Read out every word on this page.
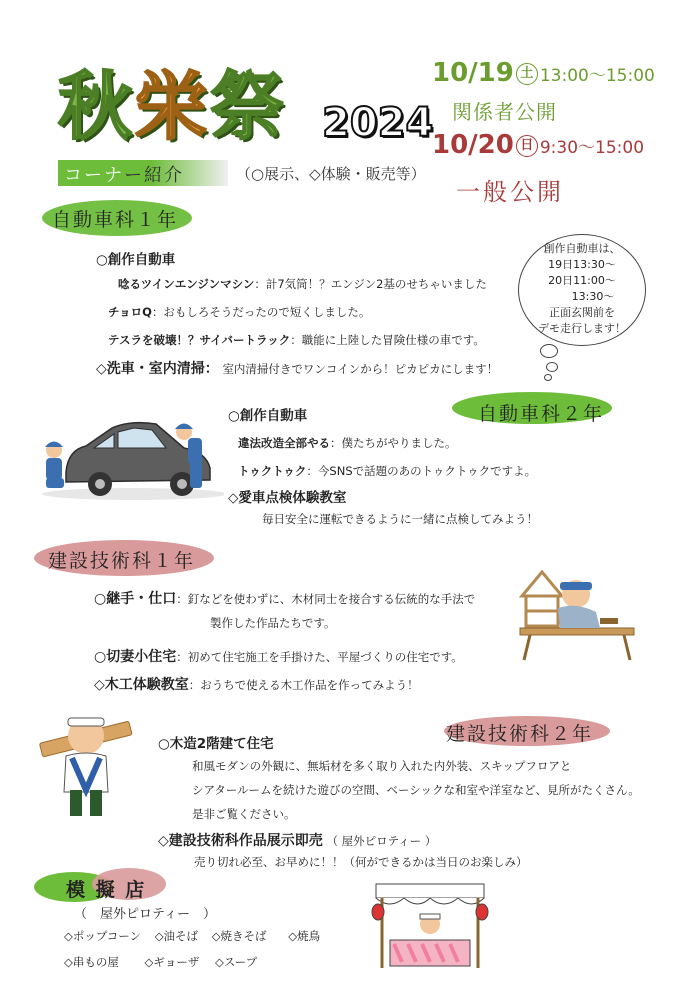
秋栄祭 2024
10/19 土 13:00～15:00
関係者公開
10/20 日 9:30～15:00
一般公開
コーナー紹介	（○展示、◇体験・販売等）
自動車科１年
○創作自動車
唸るツインエンジンマシン：計7気筒！？エンジン2基のせちゃいました
チョロQ：おもしろそうだったので短くしました。
テスラを破壊！？サイバートラック：職能に上陸した冒険仕様の車です。
◇洗車・室内清掃： 室内清掃付きでワンコインから！ピカピカにします！
創作自動車は、
19日13:30～
20日11:00～
　　13:30～
正面玄関前を
デモ走行します！
自動車科２年
○創作自動車
違法改造全部やる：僕たちがやりました。
トゥクトゥク：今SNSで話題のあのトゥクトゥクですよ。
◇愛車点検体験教室
毎日安全に運転できるように一緒に点検してみよう！
建設技術科１年
○継手・仕口：釘などを使わずに、木材同士を接合する伝統的な手法で
製作した作品たちです。
○切妻小住宅：初めて住宅施工を手掛けた、平屋づくりの住宅です。
◇木工体験教室：おうちで使える木工作品を作ってみよう！
建設技術科２年
○木造2階建て住宅
和風モダンの外観に、無垢材を多く取り入れた内外装、スキップフロアと
シアタールームを続けた遊びの空間、ベーシックな和室や洋室など、見所がたくさん。
是非ご覧ください。
◇建設技術科作品展示即売 （ 屋外ピロティー ）
売り切れ必至、お早めに！！（何ができるかは当日のお楽しみ）
模 擬 店
（　屋外ピロティー　）
◇ポップコーン ◇油そば ◇焼きそば ◇焼鳥
◇串もの屋 ◇ギョーザ ◇スープ
